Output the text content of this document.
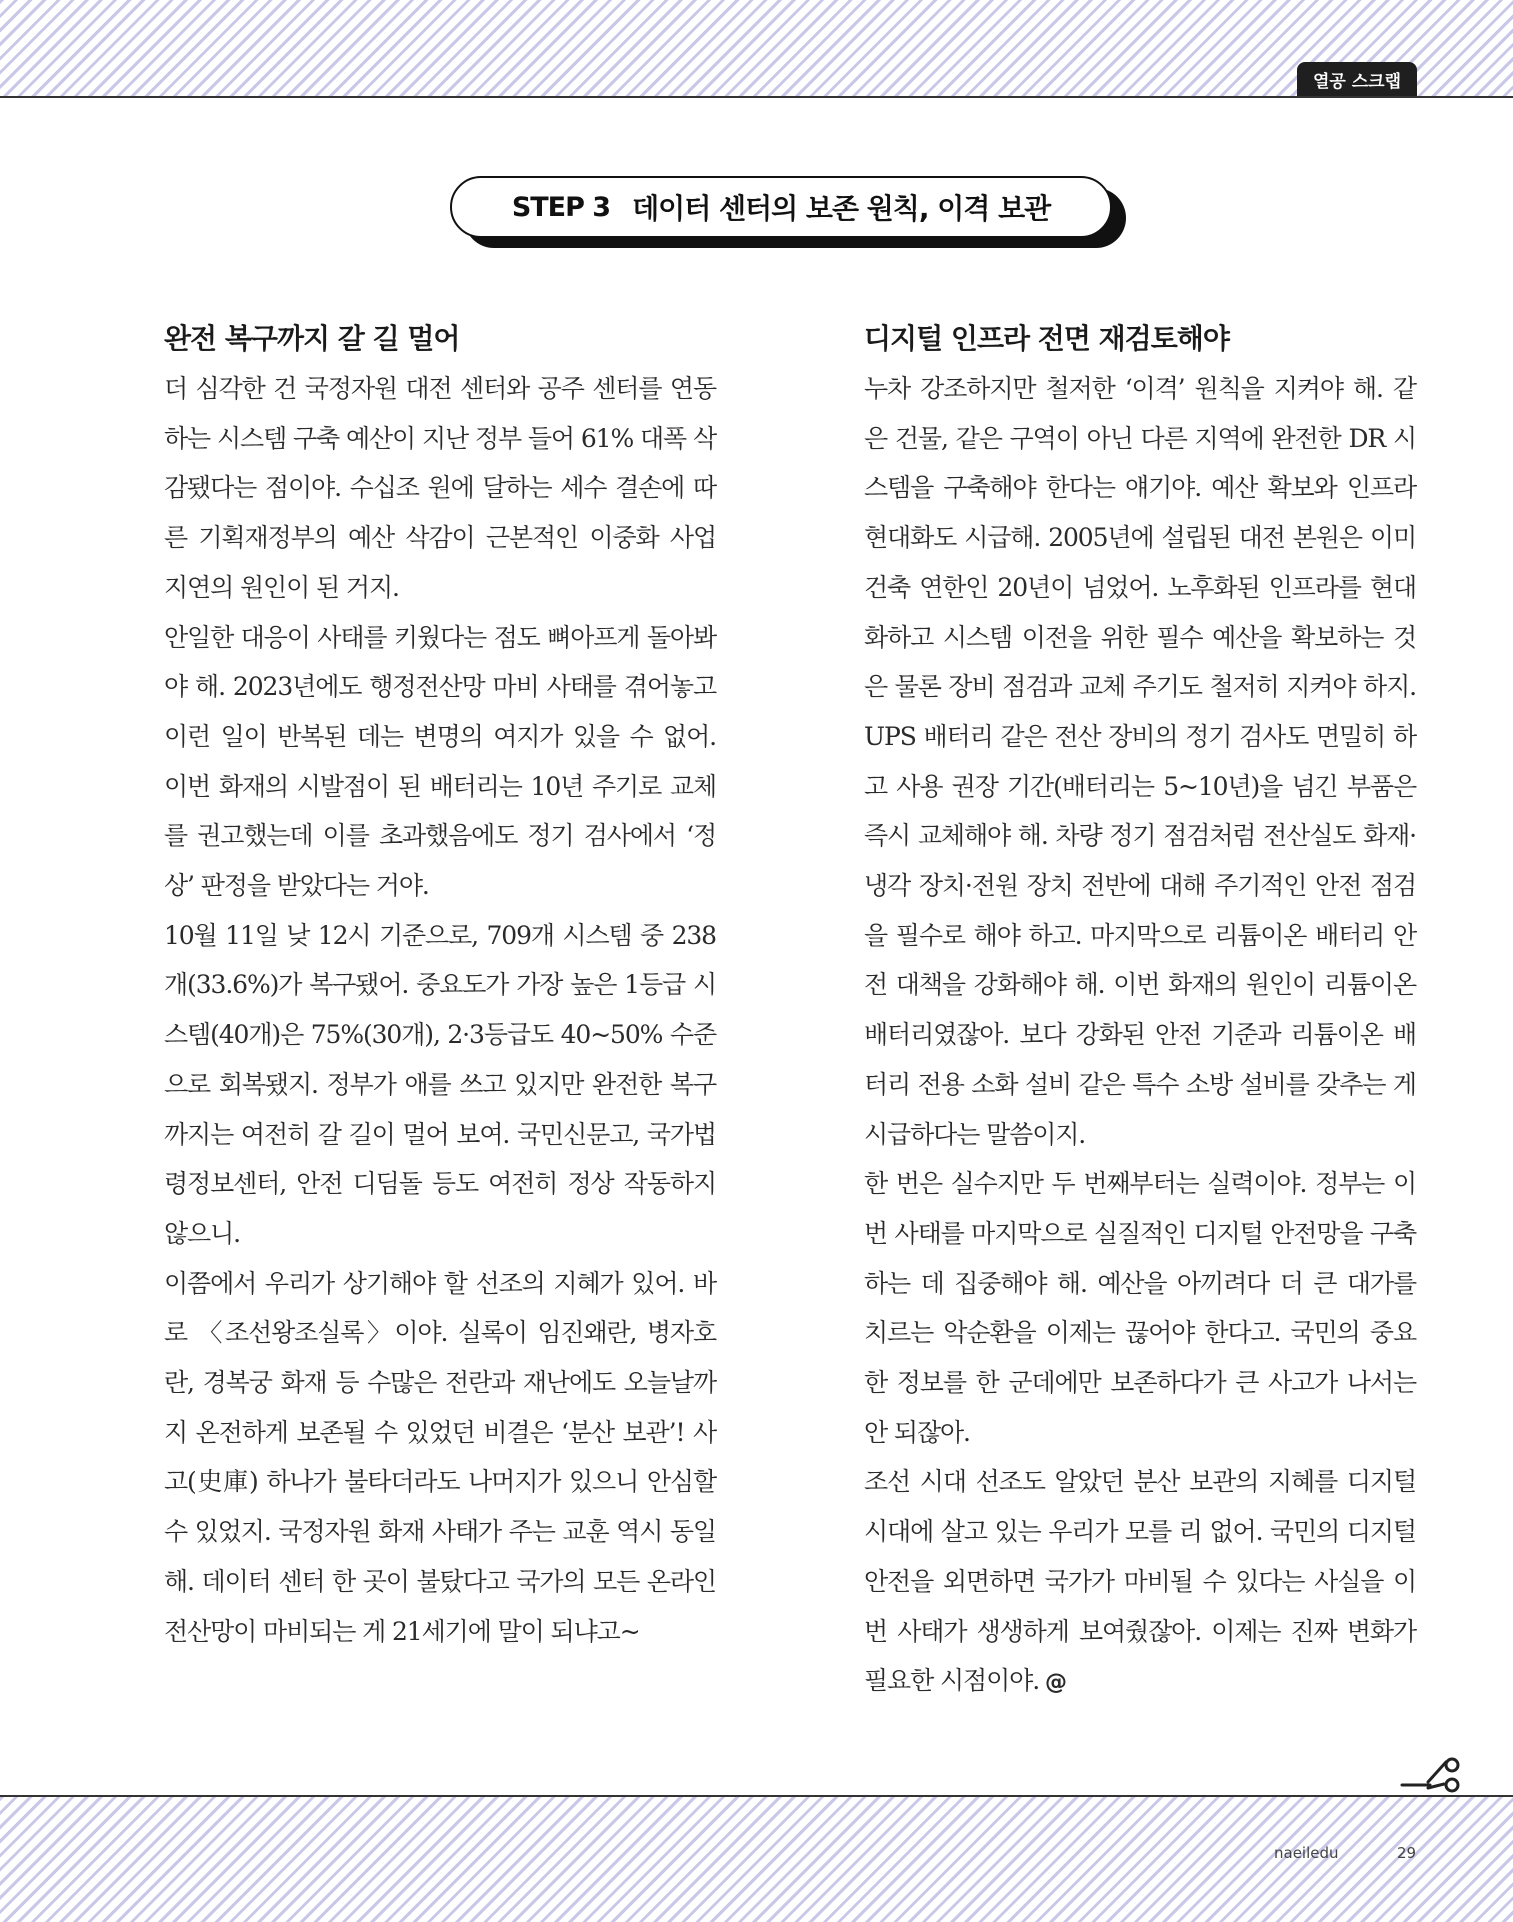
열공 스크랩
STEP 3 데이터 센터의 보존 원칙, 이격 보관
완전 복구까지 갈 길 멀어

더 심각한 건 국정자원 대전 센터와 공주 센터를 연동하는 시스템 구축 예산이 지난 정부 들어 61% 대폭 삭감됐다는 점이야. 수십조 원에 달하는 세수 결손에 따른 기획재정부의 예산 삭감이 근본적인 이중화 사업 지연의 원인이 된 거지.

안일한 대응이 사태를 키웠다는 점도 뼈아프게 돌아봐야 해. 2023년에도 행정전산망 마비 사태를 겪어놓고 이런 일이 반복된 데는 변명의 여지가 있을 수 없어. 이번 화재의 시발점이 된 배터리는 10년 주기로 교체를 권고했는데 이를 초과했음에도 정기 검사에서 ‘정상’ 판정을 받았다는 거야.

10월 11일 낮 12시 기준으로, 709개 시스템 중 238개(33.6%)가 복구됐어. 중요도가 가장 높은 1등급 시스템(40개)은 75%(30개), 2·3등급도 40~50% 수준으로 회복됐지. 정부가 애를 쓰고 있지만 완전한 복구까지는 여전히 갈 길이 멀어 보여. 국민신문고, 국가법령정보센터, 안전 디딤돌 등도 여전히 정상 작동하지 않으니.

이쯤에서 우리가 상기해야 할 선조의 지혜가 있어. 바로 〈조선왕조실록〉이야. 실록이 임진왜란, 병자호란, 경복궁 화재 등 수많은 전란과 재난에도 오늘날까지 온전하게 보존될 수 있었던 비결은 ‘분산 보관’! 사고(史庫) 하나가 불타더라도 나머지가 있으니 안심할 수 있었지. 국정자원 화재 사태가 주는 교훈 역시 동일해. 데이터 센터 한 곳이 불탔다고 국가의 모든 온라인 전산망이 마비되는 게 21세기에 말이 되냐고~

디지털 인프라 전면 재검토해야

누차 강조하지만 철저한 ‘이격’ 원칙을 지켜야 해. 같은 건물, 같은 구역이 아닌 다른 지역에 완전한 DR 시스템을 구축해야 한다는 얘기야. 예산 확보와 인프라 현대화도 시급해. 2005년에 설립된 대전 본원은 이미 건축 연한인 20년이 넘었어. 노후화된 인프라를 현대화하고 시스템 이전을 위한 필수 예산을 확보하는 것은 물론 장비 점검과 교체 주기도 철저히 지켜야 하지. UPS 배터리 같은 전산 장비의 정기 검사도 면밀히 하고 사용 권장 기간(배터리는 5~10년)을 넘긴 부품은 즉시 교체해야 해. 차량 정기 점검처럼 전산실도 화재·냉각 장치·전원 장치 전반에 대해 주기적인 안전 점검을 필수로 해야 하고. 마지막으로 리튬이온 배터리 안전 대책을 강화해야 해. 이번 화재의 원인이 리튬이온 배터리였잖아. 보다 강화된 안전 기준과 리튬이온 배터리 전용 소화 설비 같은 특수 소방 설비를 갖추는 게 시급하다는 말씀이지.

한 번은 실수지만 두 번째부터는 실력이야. 정부는 이번 사태를 마지막으로 실질적인 디지털 안전망을 구축하는 데 집중해야 해. 예산을 아끼려다 더 큰 대가를 치르는 악순환을 이제는 끊어야 한다고. 국민의 중요한 정보를 한 군데에만 보존하다가 큰 사고가 나서는 안 되잖아.

조선 시대 선조도 알았던 분산 보관의 지혜를 디지털 시대에 살고 있는 우리가 모를 리 없어. 국민의 디지털 안전을 외면하면 국가가 마비될 수 있다는 사실을 이번 사태가 생생하게 보여줬잖아. 이제는 진짜 변화가 필요한 시점이야. @

naeiledu	29
